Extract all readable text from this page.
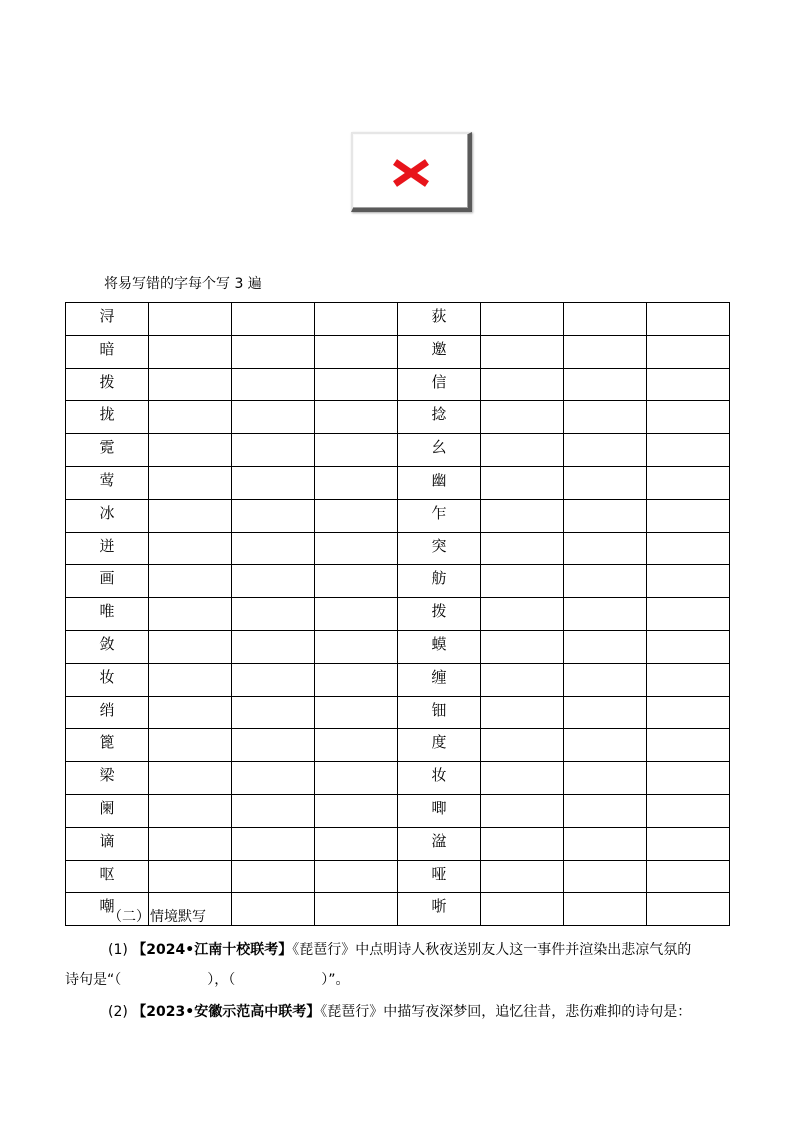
将易写错的字每个写 3 遍
浔				荻			
暗				邀			
拨				信			
拢				捻			
霓				幺			
莺				幽			
冰				乍			
迸				突			
画				舫			
唯				拨			
敛				蟆			
妆				缠			
绡				钿			
篦				度			
梁				妆			
阑				唧			
谪				湓			
呕				哑			
嘲				哳			
（二）情境默写
(1) 【2024•江南十校联考】《琵琶行》中点明诗人秋夜送别友人这一事件并渲染出悲凉气氛的
诗句是“（	），（	）”。
(2) 【2023•安徽示范高中联考】《琵琶行》中描写夜深梦回，追忆往昔，悲伤难抑的诗句是：
